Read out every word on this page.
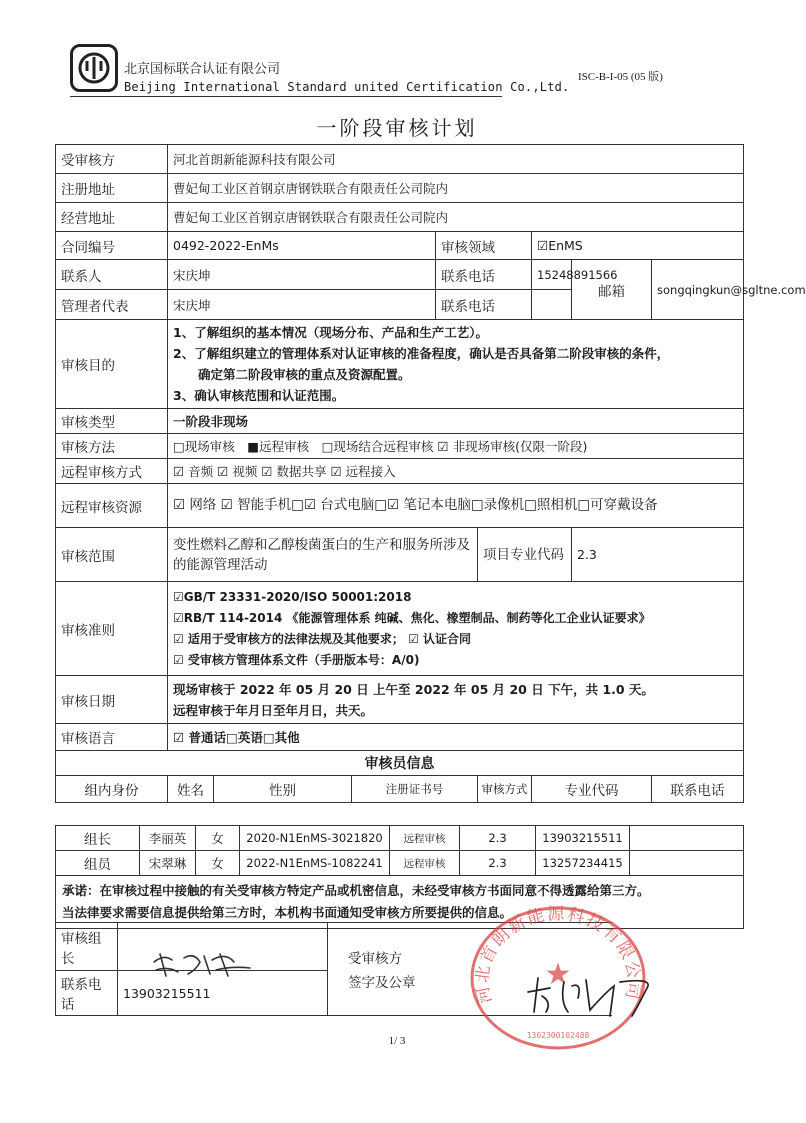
北京国标联合认证有限公司
Beijing International Standard united Certification Co.,Ltd.
ISC-B-I-05 (05 版)
一阶段审核计划
受审核方	河北首朗新能源科技有限公司							
注册地址	曹妃甸工业区首钢京唐钢铁联合有限责任公司院内							
经营地址	曹妃甸工业区首钢京唐钢铁联合有限责任公司院内							
合同编号	0492-2022-EnMs			审核领域		☑EnMS		
联系人	宋庆坤			联系电话		15248891566	邮箱	songqingkun@sgltne.com
管理者代表	宋庆坤			联系电话				
审核目的	1、了解组织的基本情况（现场分布、产品和生产工艺）。
2、了解组织建立的管理体系对认证审核的准备程度，确认是否具备第二阶段审核的条件，
　　确定第二阶段审核的重点及资源配置。
3、确认审核范围和认证范围。							

审核类型	一阶段非现场							
审核方法	□现场审核　■远程审核　□现场结合远程审核 ☑ 非现场审核(仅限一阶段)							
远程审核方式	☑ 音频 ☑ 视频 ☑ 数据共享 ☑ 远程接入							
远程审核资源	☑ 网络 ☑ 智能手机□☑ 台式电脑□☑ 笔记本电脑□录像机□照相机□可穿戴设备							
审核范围	变性燃料乙醇和乙醇梭菌蛋白的生产和服务所涉及的能源管理活动				项目专业代码		2.3	
审核准则	☑GB/T 23331-2020/ISO 50001:2018
☑RB/T 114-2014 《能源管理体系 纯碱、焦化、橡塑制品、制药等化工企业认证要求》
☑ 适用于受审核方的法律法规及其他要求； ☑ 认证合同
☑ 受审核方管理体系文件（手册版本号：A/0)							

审核日期	现场审核于 2022 年 05 月 20 日 上午至 2022 年 05 月 20 日 下午，共 1.0 天。
远程审核于年月日至年月日，共天。							

审核语言	☑ 普通话□英语□其他							
审核员信息								
组内身份	姓名	性别	注册证书号		审核方式	专业代码		联系电话
组长	李丽英	女	2020-N1EnMS-3021820	远程审核	2.3	13903215511	
组员	宋翠琳	女	2022-N1EnMS-1082241	远程审核	2.3	13257234415	

承诺：在审核过程中接触的有关受审核方特定产品或机密信息，未经受审核方书面同意不得透露给第三方。
当法律要求需要信息提供给第三方时，本机构书面通知受审核方所要提供的信息。							
审核组长		受审核方
签字及公章

联系电话	13903215511		河北首朗新能源科技有限公司
★
1302300102488
1/ 3
